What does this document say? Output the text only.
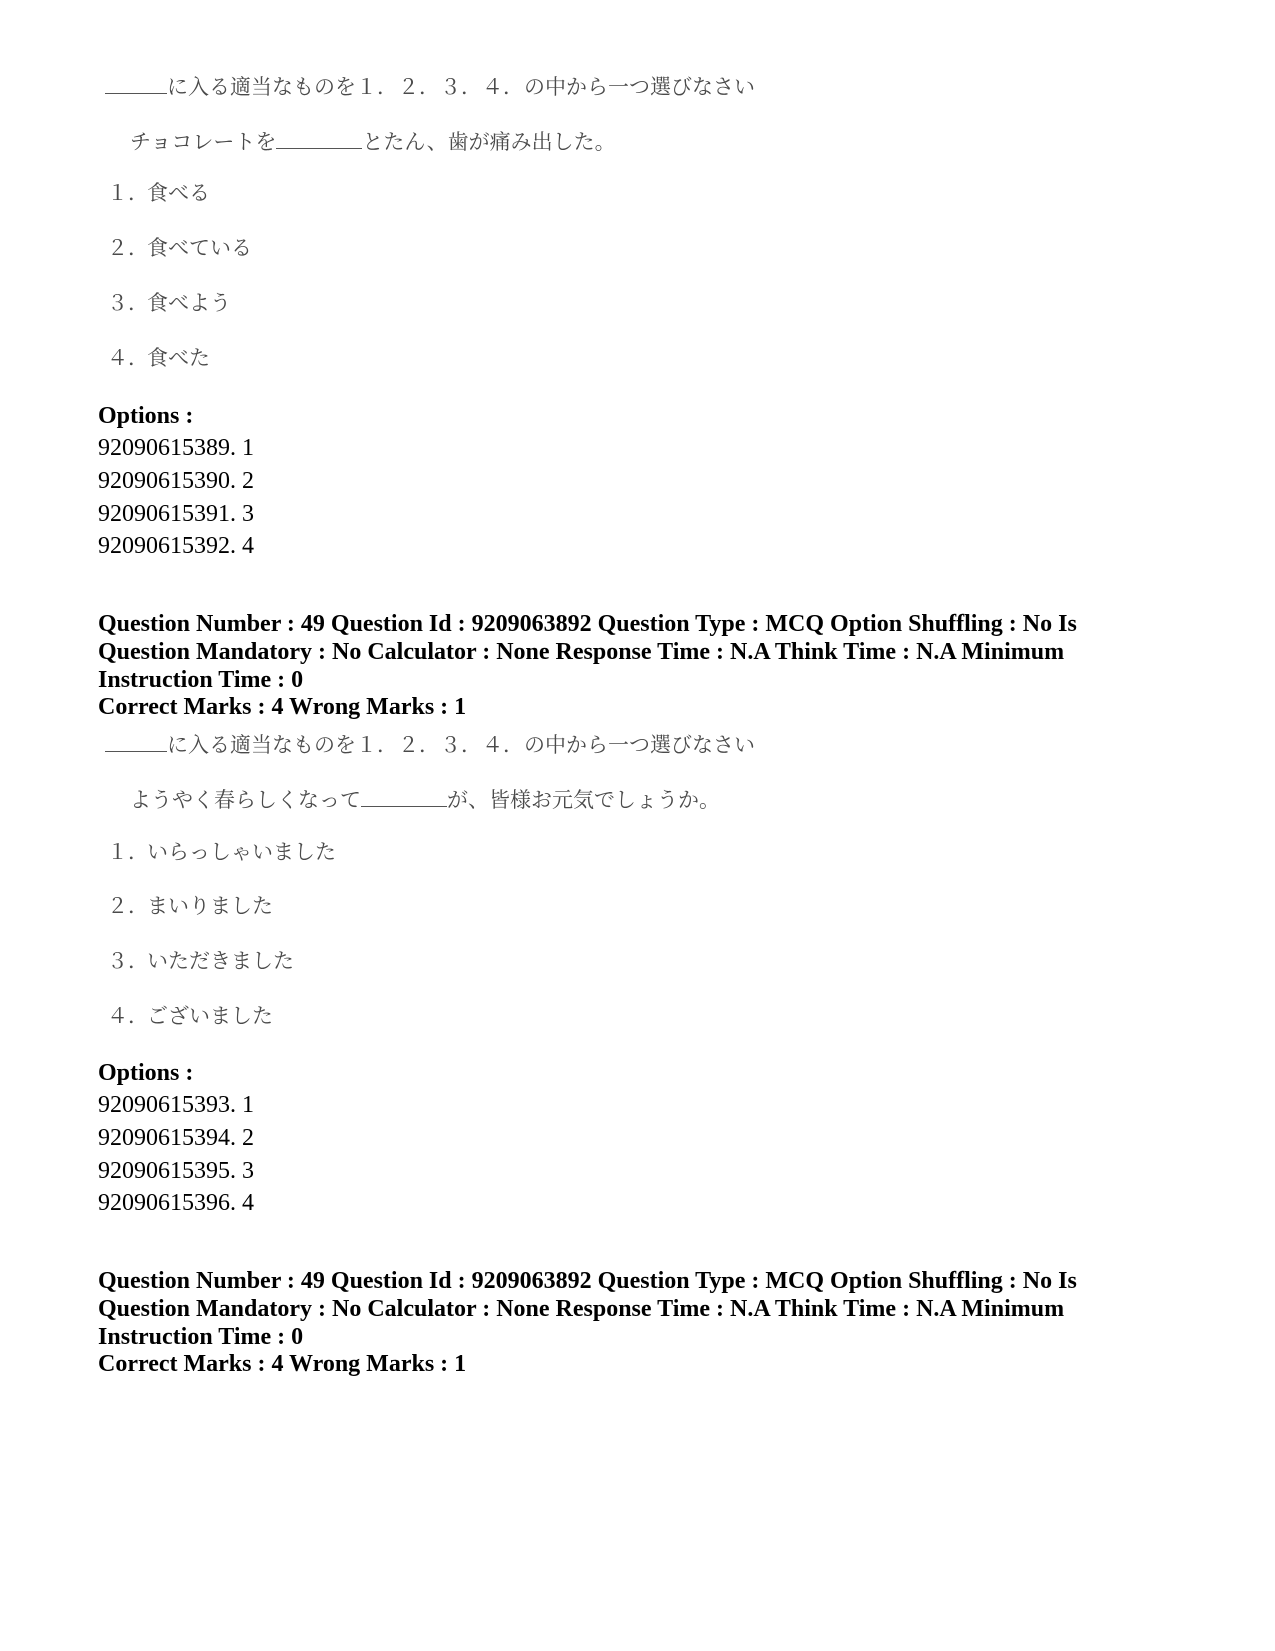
に入る適当なものを１．２．３．４．の中から一つ選びなさい
チョコレートを	とたん、歯が痛み出した。
１．食べる
２．食べている
３．食べよう
４．食べた
Options :
92090615389. 1
92090615390. 2
92090615391. 3
92090615392. 4
Question Number : 49 Question Id : 9209063892 Question Type : MCQ Option Shuffling : No Is
Question Mandatory : No Calculator : None Response Time : N.A Think Time : N.A Minimum
Instruction Time : 0
Correct Marks : 4 Wrong Marks : 1
に入る適当なものを１．２．３．４．の中から一つ選びなさい
ようやく春らしくなって	が、皆様お元気でしょうか。
１．いらっしゃいました
２．まいりました
３．いただきました
４．ございました
Options :
92090615393. 1
92090615394. 2
92090615395. 3
92090615396. 4
Question Number : 49 Question Id : 9209063892 Question Type : MCQ Option Shuffling : No Is
Question Mandatory : No Calculator : None Response Time : N.A Think Time : N.A Minimum
Instruction Time : 0
Correct Marks : 4 Wrong Marks : 1
